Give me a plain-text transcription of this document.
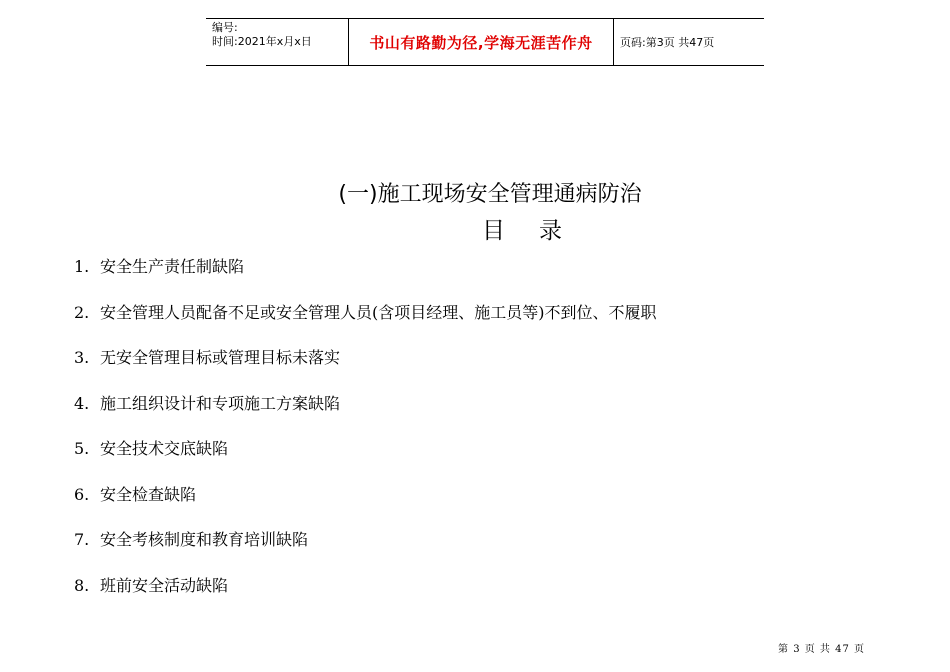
编号:
时间:2021年x月x日	书山有路勤为径,学海无涯苦作舟 页码:第3页 共47页
(一)施工现场安全管理通病防治
目 录
1. 安全生产责任制缺陷
2. 安全管理人员配备不足或安全管理人员(含项目经理、施工员等)不到位、不履职
3. 无安全管理目标或管理目标未落实
4. 施工组织设计和专项施工方案缺陷
5. 安全技术交底缺陷
6. 安全检查缺陷
7. 安全考核制度和教育培训缺陷
8. 班前安全活动缺陷
第 3 页 共 47 页
